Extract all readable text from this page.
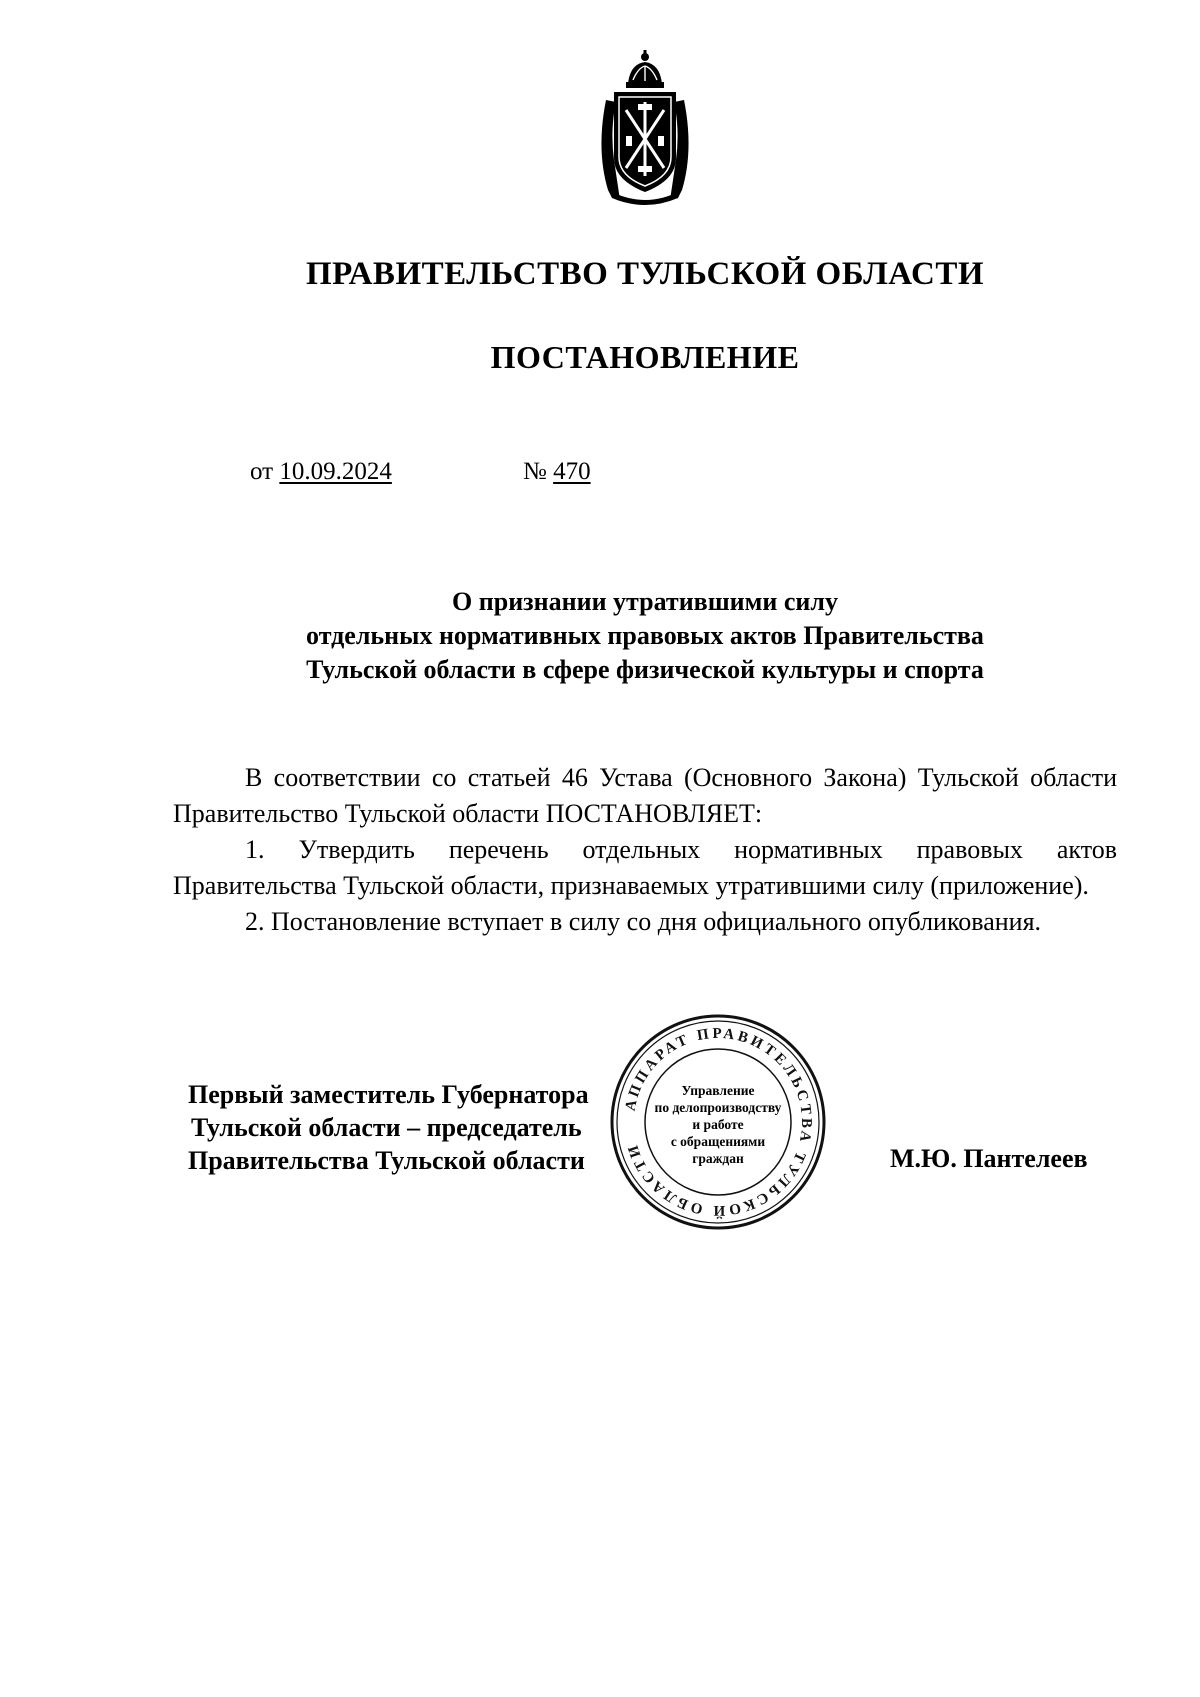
ПРАВИТЕЛЬСТВО ТУЛЬСКОЙ ОБЛАСТИ
ПОСТАНОВЛЕНИЕ
от 10.09.2024	№ 470
О признании утратившими силу
отдельных нормативных правовых актов Правительства
Тульской области в сфере физической культуры и спорта

В соответствии со статьей 46 Устава (Основного Закона) Тульской области Правительство Тульской области ПОСТАНОВЛЯЕТ:

1. Утвердить перечень отдельных нормативных правовых актов Правительства Тульской области, признаваемых утратившими силу (приложение).

2. Постановление вступает в силу со дня официального опубликования.

Первый заместитель Губернатора
Тульской области – председатель
Правительства Тульской области	М.Ю. Пантелеев
АППАРАТ ПРАВИТЕЛЬСТВА ТУЛЬСКОЙ ОБЛАСТИ
Управление
по делопроизводству
и работе
с обращениями
граждан
